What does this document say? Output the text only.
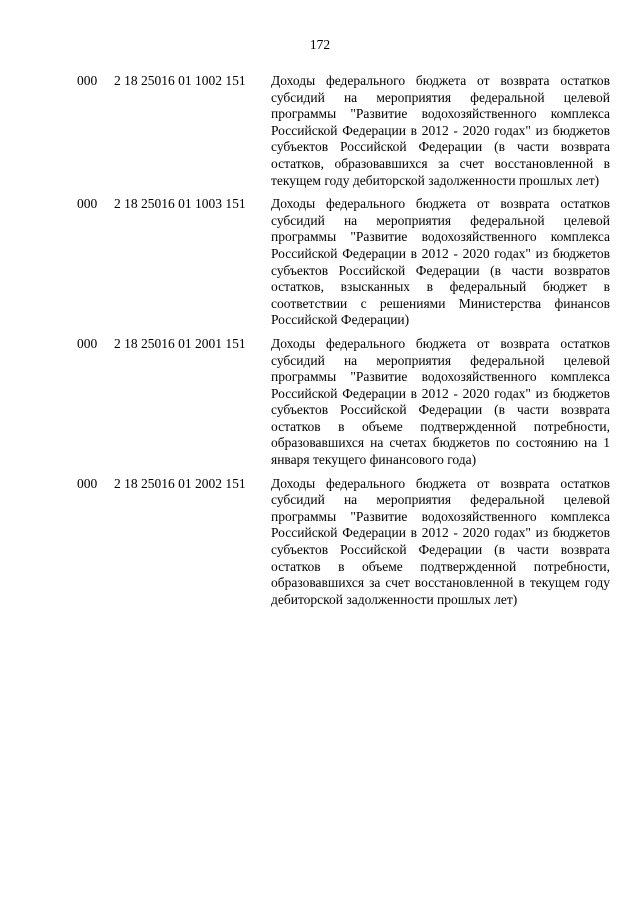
172
000 2 18 25016 01 1002 151 Доходы федерального бюджета от возврата остатков субсидий на мероприятия федеральной целевой программы "Развитие водохозяйственного комплекса Российской Федерации в 2012 - 2020 годах" из бюджетов субъектов Российской Федерации (в части возврата остатков, образовавшихся за счет восстановленной в текущем году дебиторской задолженности прошлых лет)
000 2 18 25016 01 1003 151 Доходы федерального бюджета от возврата остатков субсидий на мероприятия федеральной целевой программы "Развитие водохозяйственного комплекса Российской Федерации в 2012 - 2020 годах" из бюджетов субъектов Российской Федерации (в части возвратов остатков, взысканных в федеральный бюджет в соответствии с решениями Министерства финансов Российской Федерации)
000 2 18 25016 01 2001 151 Доходы федерального бюджета от возврата остатков субсидий на мероприятия федеральной целевой программы "Развитие водохозяйственного комплекса Российской Федерации в 2012 - 2020 годах" из бюджетов субъектов Российской Федерации (в части возврата остатков в объеме подтвержденной потребности, образовавшихся на счетах бюджетов по состоянию на 1 января текущего финансового года)
000 2 18 25016 01 2002 151 Доходы федерального бюджета от возврата остатков субсидий на мероприятия федеральной целевой программы "Развитие водохозяйственного комплекса Российской Федерации в 2012 - 2020 годах" из бюджетов субъектов Российской Федерации (в части возврата остатков в объеме подтвержденной потребности, образовавшихся за счет восстановленной в текущем году дебиторской задолженности прошлых лет)
